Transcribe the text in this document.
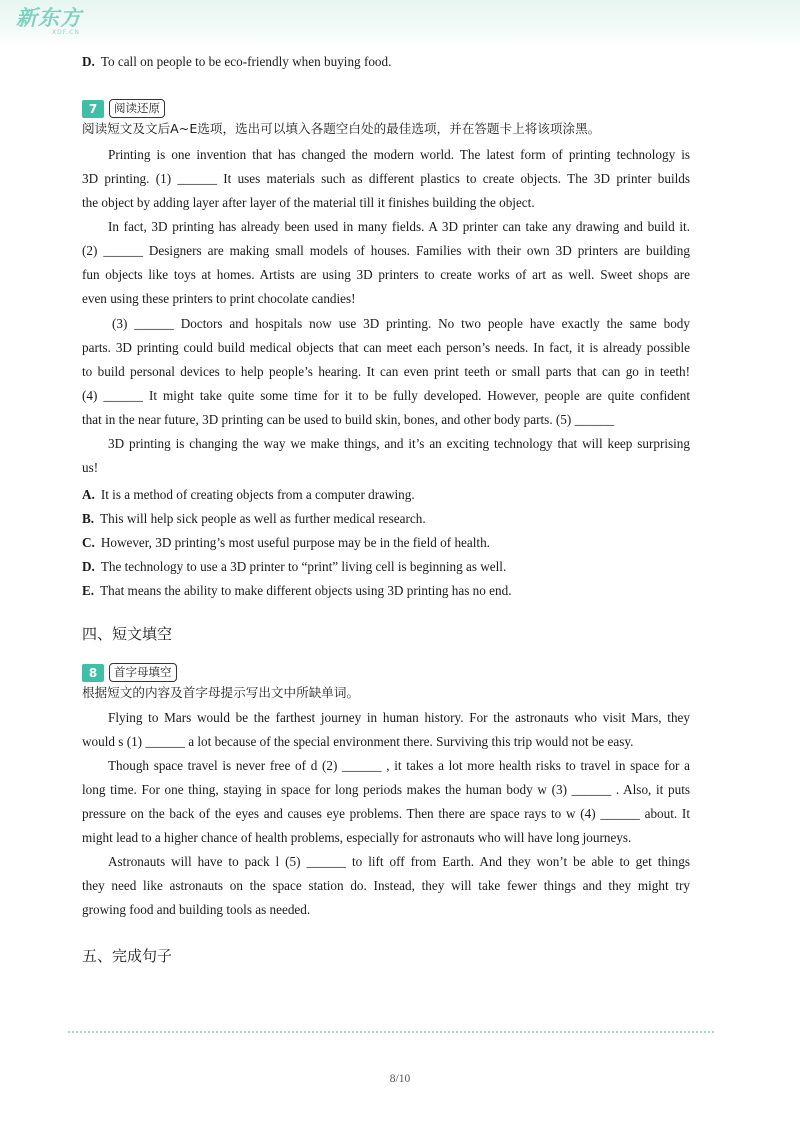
新东方
XDF.CN
D. To call on people to be eco-friendly when buying food.
7	阅读还原
阅读短文及文后A~E选项，选出可以填入各题空白处的最佳选项，并在答题卡上将该项涂黑。
Printing is one invention that has changed the modern world. The latest form of printing technology is
3D printing. (1) ______ It uses materials such as different plastics to create objects. The 3D printer builds
the object by adding layer after layer of the material till it finishes building the object.
In fact, 3D printing has already been used in many fields. A 3D printer can take any drawing and build it.
(2) ______ Designers are making small models of houses. Families with their own 3D printers are building
fun objects like toys at homes. Artists are using 3D printers to create works of art as well. Sweet shops are
even using these printers to print chocolate candies!
(3) ______ Doctors and hospitals now use 3D printing. No two people have exactly the same body
parts. 3D printing could build medical objects that can meet each person’s needs. In fact, it is already possible
to build personal devices to help people’s hearing. It can even print teeth or small parts that can go in teeth!
(4) ______ It might take quite some time for it to be fully developed. However, people are quite confident
that in the near future, 3D printing can be used to build skin, bones, and other body parts. (5) ______
3D printing is changing the way we make things, and it’s an exciting technology that will keep surprising
us!
A. It is a method of creating objects from a computer drawing.
B. This will help sick people as well as further medical research.
C. However, 3D printing’s most useful purpose may be in the field of health.
D. The technology to use a 3D printer to “print” living cell is beginning as well.
E. That means the ability to make different objects using 3D printing has no end.
四、短文填空
8	首字母填空
根据短文的内容及首字母提示写出文中所缺单词。
Flying to Mars would be the farthest journey in human history. For the astronauts who visit Mars, they
would s (1) ______ a lot because of the special environment there. Surviving this trip would not be easy.
Though space travel is never free of d (2) ______ , it takes a lot more health risks to travel in space for a
long time. For one thing, staying in space for long periods makes the human body w (3) ______ . Also, it puts
pressure on the back of the eyes and causes eye problems. Then there are space rays to w (4) ______ about. It
might lead to a higher chance of health problems, especially for astronauts who will have long journeys.
Astronauts will have to pack l (5) ______ to lift off from Earth. And they won’t be able to get things
they need like astronauts on the space station do. Instead, they will take fewer things and they might try
growing food and building tools as needed.
五、完成句子
8/10
